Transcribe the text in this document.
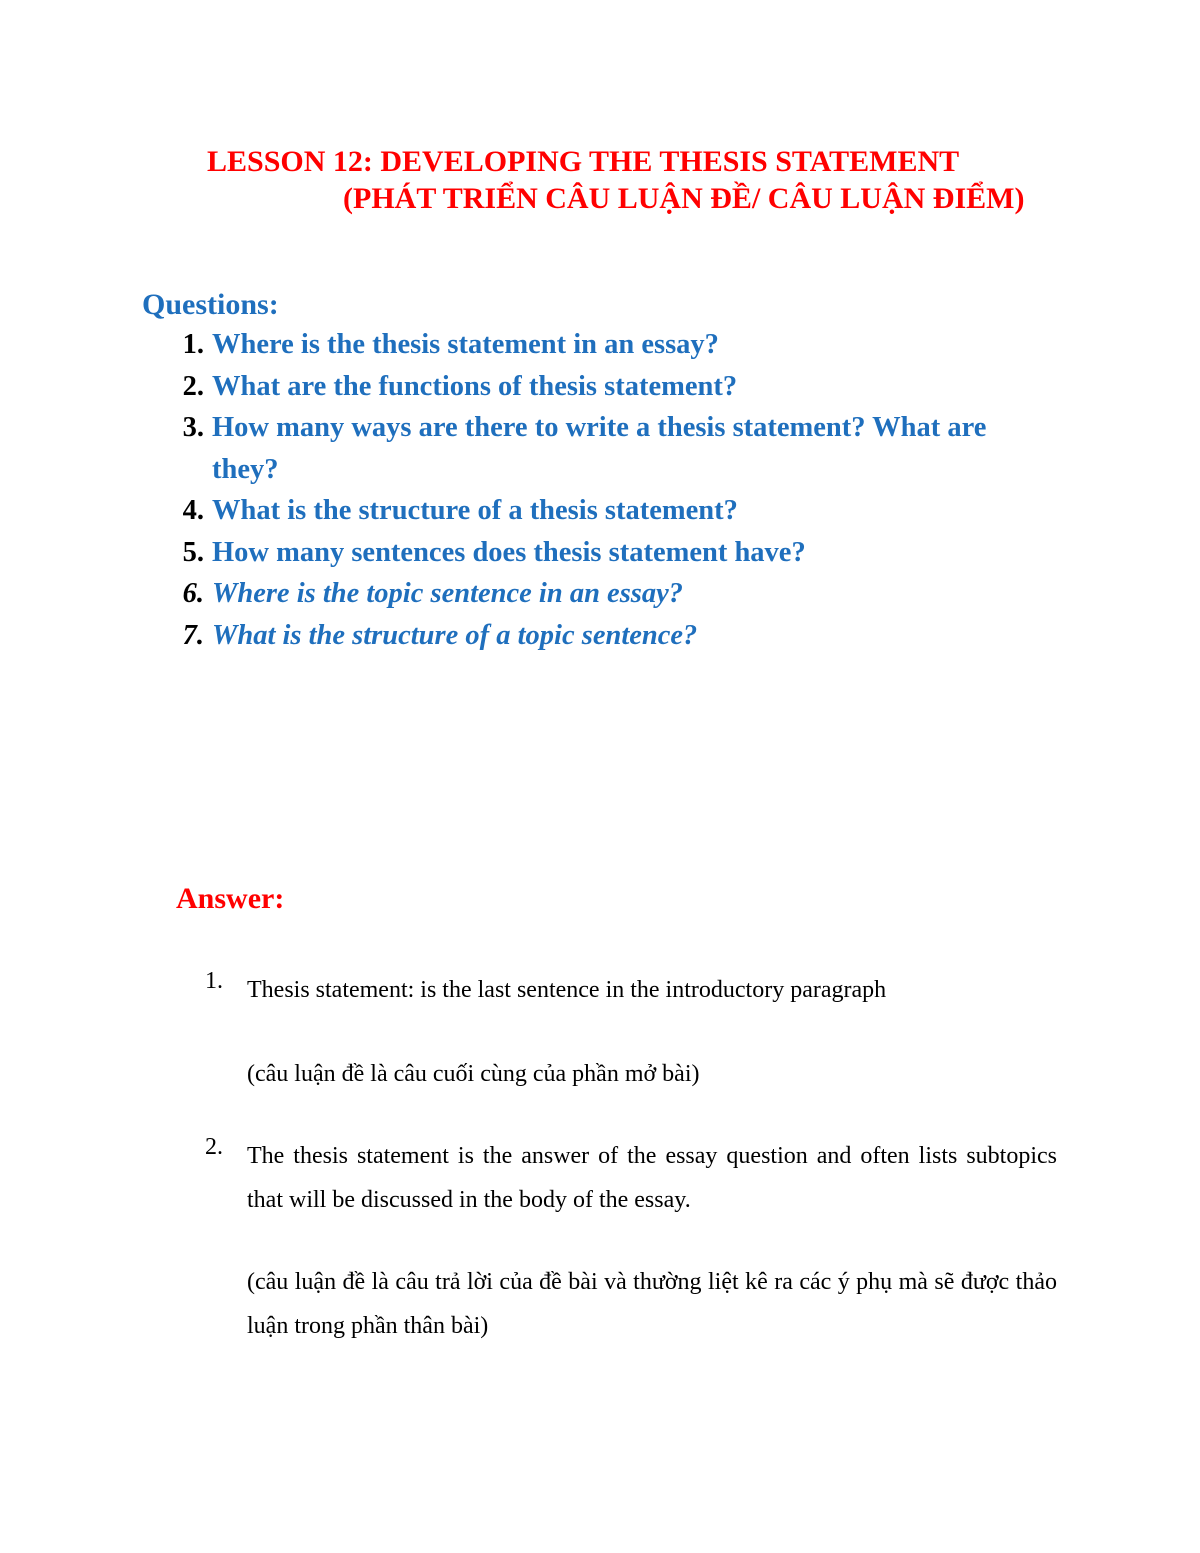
LESSON 12: DEVELOPING THE THESIS STATEMENT
(PHÁT TRIỂN CÂU LUẬN ĐỀ/ CÂU LUẬN ĐIỂM)
Questions:
1. Where is the thesis statement in an essay?
2. What are the functions of thesis statement?
3. How many ways are there to write a thesis statement? What are they?
4. What is the structure of a thesis statement?
5. How many sentences does thesis statement have?
6. Where is the topic sentence in an essay?
7. What is the structure of a topic sentence?
Answer:
1.	Thesis statement: is the last sentence in the introductory paragraph
(câu luận đề là câu cuối cùng của phần mở bài)
2.	The thesis statement is the answer of the essay question and often lists subtopics that will be discussed in the body of the essay.
(câu luận đề là câu trả lời của đề bài và thường liệt kê ra các ý phụ mà sẽ được thảo luận trong phần thân bài)
